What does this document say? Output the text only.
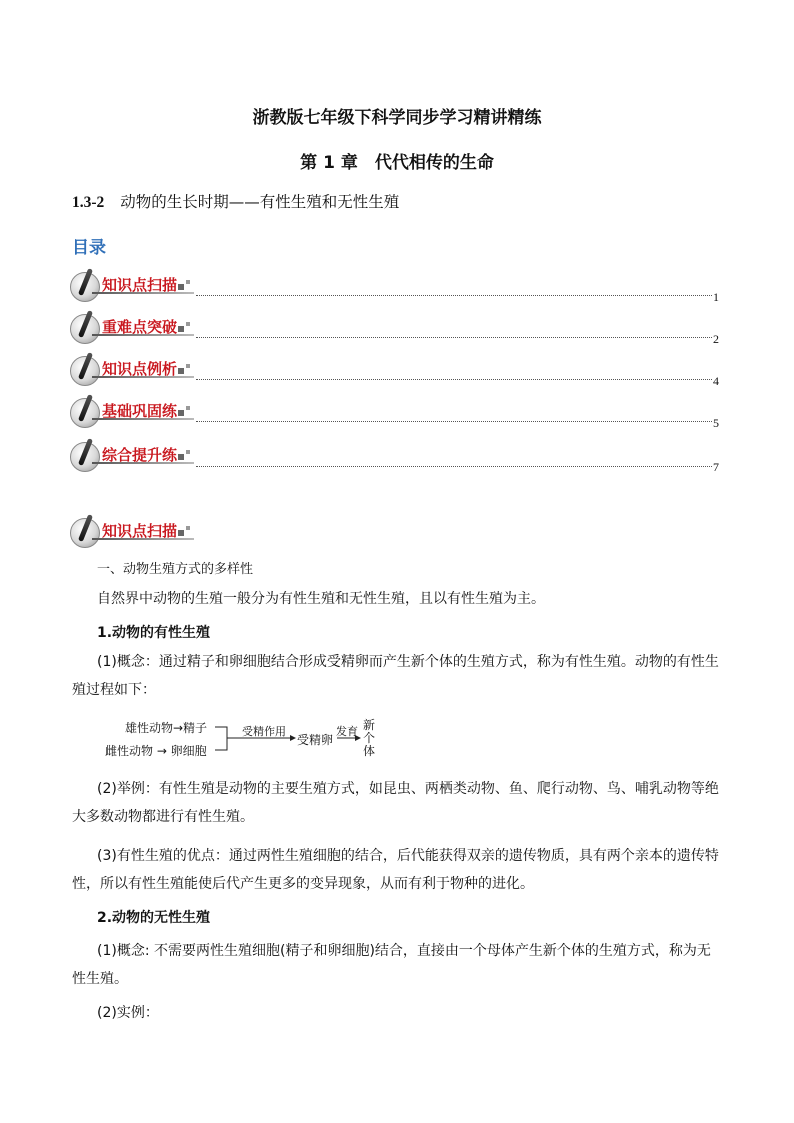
浙教版七年级下科学同步学习精讲精练
第 1 章　代代相传的生命
1.3-2 动物的生长时期——有性生殖和无性生殖
目录
知识点扫描
1
重难点突破
2
知识点例析
4
基础巩固练
5
综合提升练
7
知识点扫描
一、动物生殖方式的多样性
自然界中动物的生殖一般分为有性生殖和无性生殖，且以有性生殖为主。
1.动物的有性生殖
(1)概念：通过精子和卵细胞结合形成受精卵而产生新个体的生殖方式，称为有性生殖。动物的有性生殖过程如下：
雄性动物→精子
雌性动物 → 卵细胞
受精作用
受精卵
发育 新
个
体
(2)举例：有性生殖是动物的主要生殖方式，如昆虫、两栖类动物、鱼、爬行动物、鸟、哺乳动物等绝大多数动物都进行有性生殖。
(3)有性生殖的优点：通过两性生殖细胞的结合，后代能获得双亲的遗传物质，具有两个亲本的遗传特性，所以有性生殖能使后代产生更多的变异现象，从而有利于物种的进化。
2.动物的无性生殖
(1)概念: 不需要两性生殖细胞(精子和卵细胞)结合，直接由一个母体产生新个体的生殖方式，称为无性生殖。
(2)实例：
